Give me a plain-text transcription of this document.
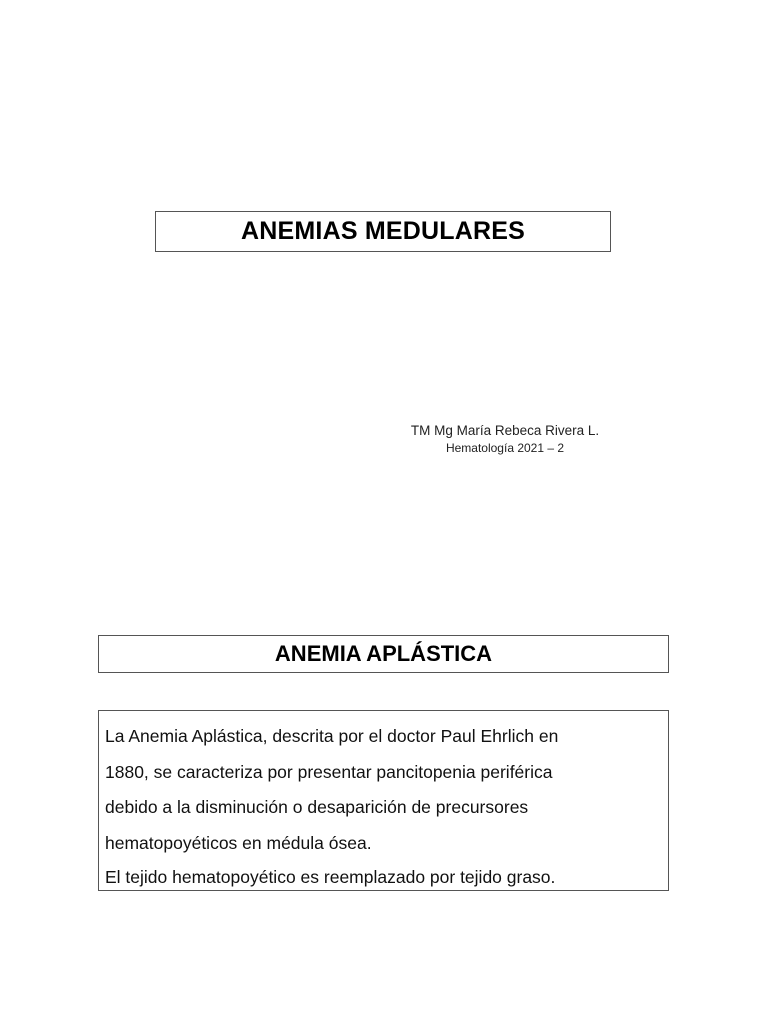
ANEMIAS MEDULARES
TM Mg María Rebeca Rivera L.
Hematología 2021 – 2
ANEMIA APLÁSTICA
La Anemia Aplástica, descrita por el doctor Paul Ehrlich en
1880, se caracteriza por presentar pancitopenia periférica
debido a la disminución o desaparición de precursores
hematopoyéticos en médula ósea.
El tejido hematopoyético es reemplazado por tejido graso.
